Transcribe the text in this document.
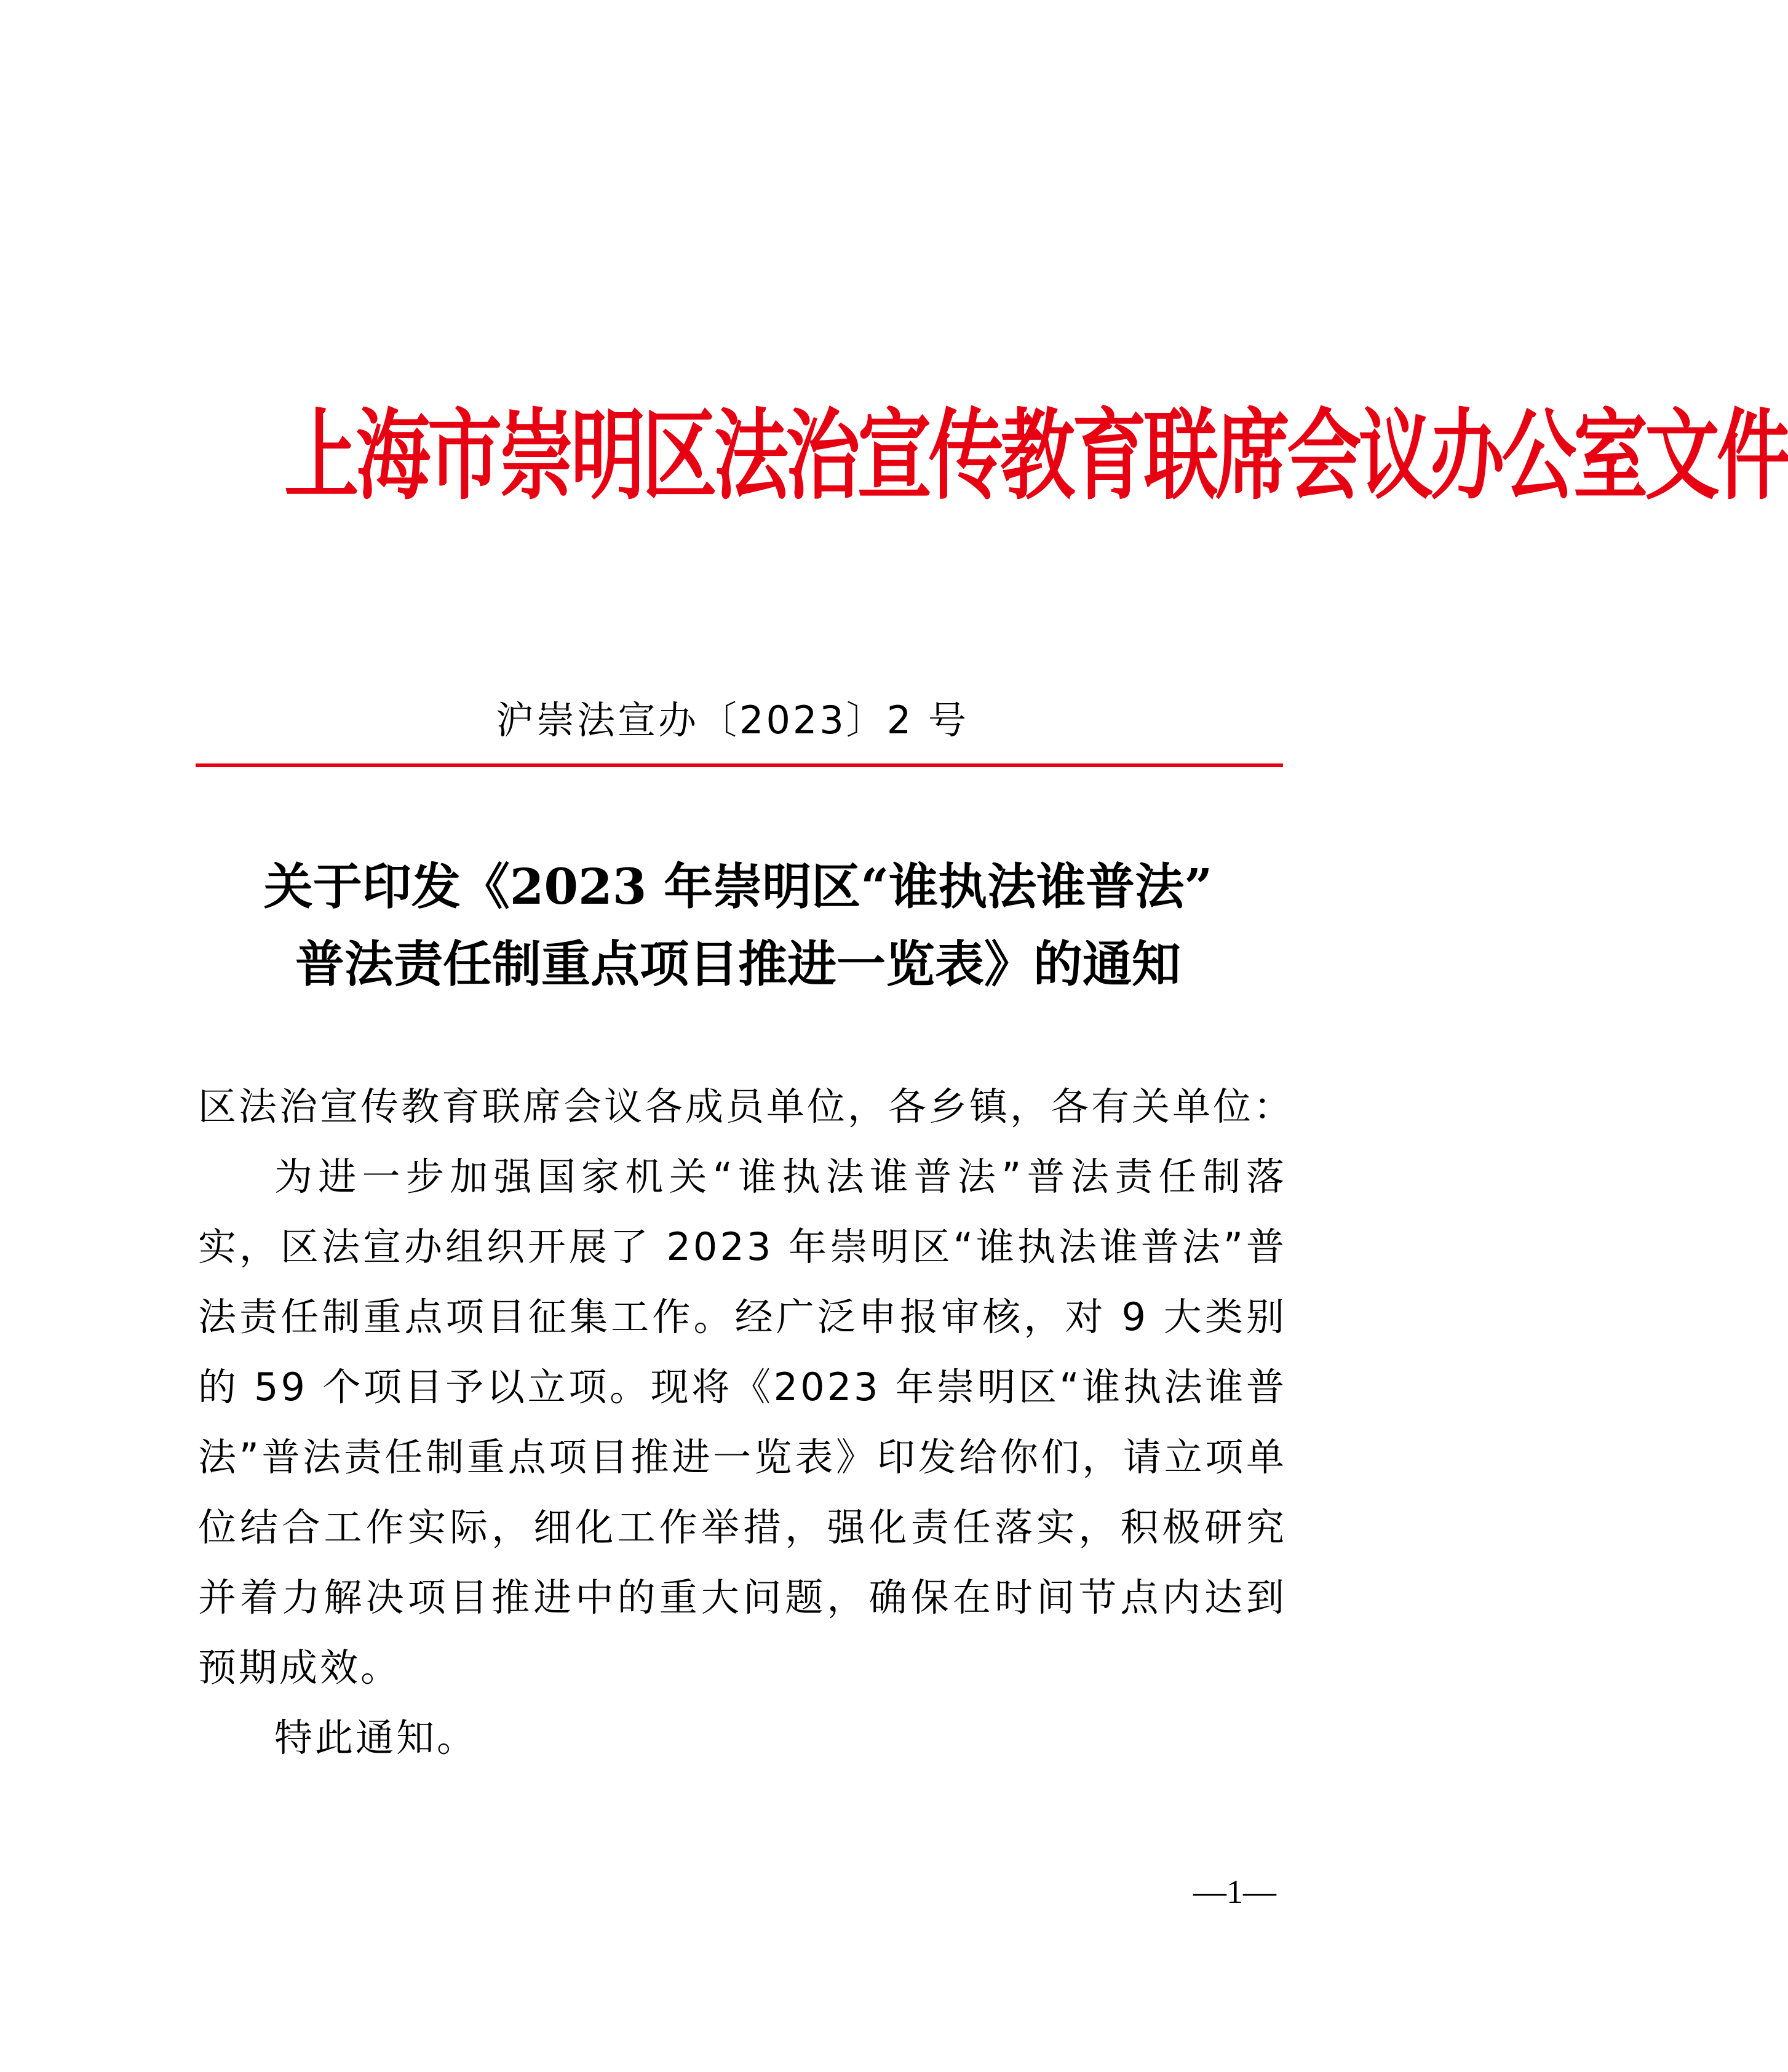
上海市崇明区法治宣传教育联席会议办公室文件
沪崇法宣办〔2023〕2 号
关于印发《2023 年崇明区“谁执法谁普法”
普法责任制重点项目推进一览表》的通知

区法治宣传教育联席会议各成员单位，各乡镇，各有关单位：

为进一步加强国家机关“谁执法谁普法”普法责任制落实，区法宣办组织开展了 2023 年崇明区“谁执法谁普法”普法责任制重点项目征集工作。经广泛申报审核，对 9 大类别的 59 个项目予以立项。现将《2023 年崇明区“谁执法谁普法”普法责任制重点项目推进一览表》印发给你们，请立项单位结合工作实际，细化工作举措，强化责任落实，积极研究并着力解决项目推进中的重大问题，确保在时间节点内达到预期成效。

特此通知。

—1—
